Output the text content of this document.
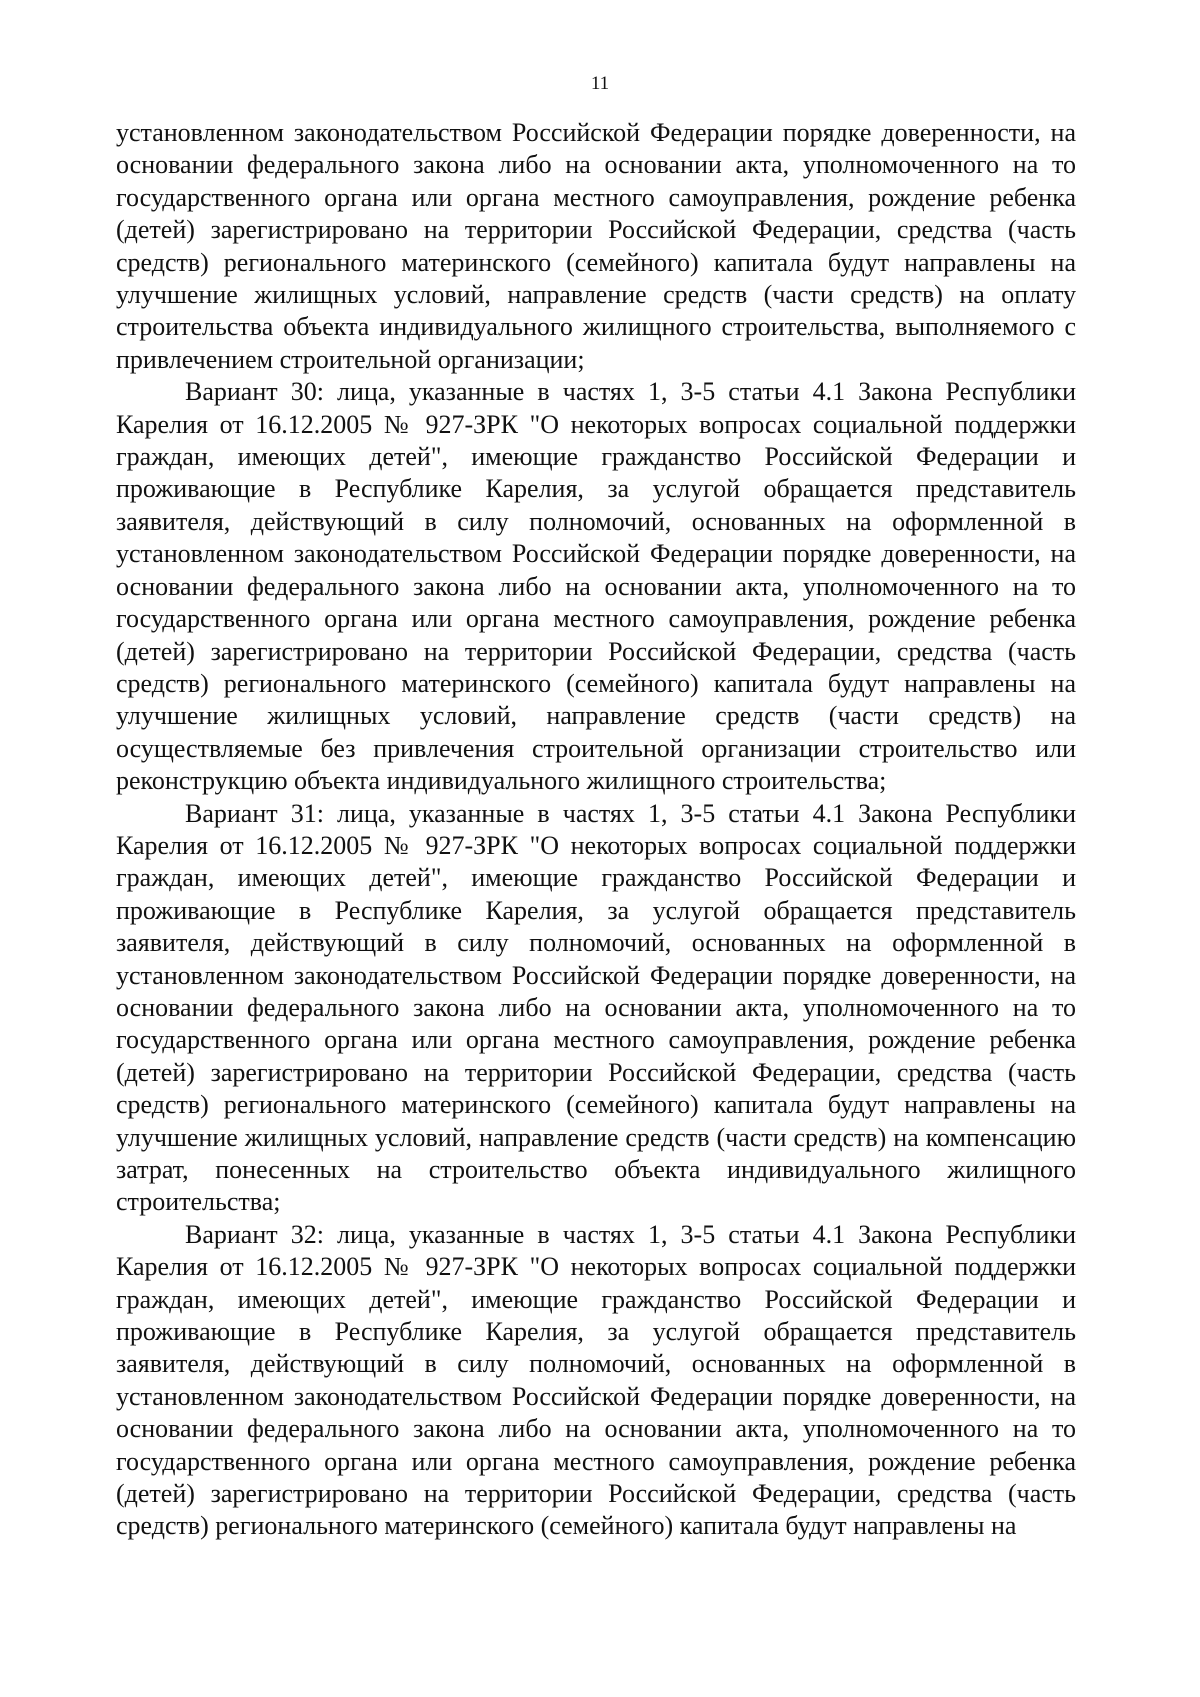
11

установленном законодательством Российской Федерации порядке доверенности, на основании федерального закона либо на основании акта, уполномоченного на то государственного органа или органа местного самоуправления, рождение ребенка (детей) зарегистрировано на территории Российской Федерации, средства (часть средств) регионального материнского (семейного) капитала будут направлены на улучшение жилищных условий, направление средств (части средств) на оплату строительства объекта индивидуального жилищного строительства, выполняемого с привлечением строительной организации;

Вариант 30: лица, указанные в частях 1, 3-5 статьи 4.1 Закона Республики Карелия от 16.12.2005 № 927-ЗРК "О некоторых вопросах социальной поддержки граждан, имеющих детей", имеющие гражданство Российской Федерации и проживающие в Республике Карелия, за услугой обращается представитель заявителя, действующий в силу полномочий, основанных на оформленной в установленном законодательством Российской Федерации порядке доверенности, на основании федерального закона либо на основании акта, уполномоченного на то государственного органа или органа местного самоуправления, рождение ребенка (детей) зарегистрировано на территории Российской Федерации, средства (часть средств) регионального материнского (семейного) капитала будут направлены на улучшение жилищных условий, направление средств (части средств) на осуществляемые без привлечения строительной организации строительство или реконструкцию объекта индивидуального жилищного строительства;

Вариант 31: лица, указанные в частях 1, 3-5 статьи 4.1 Закона Республики Карелия от 16.12.2005 № 927-ЗРК "О некоторых вопросах социальной поддержки граждан, имеющих детей", имеющие гражданство Российской Федерации и проживающие в Республике Карелия, за услугой обращается представитель заявителя, действующий в силу полномочий, основанных на оформленной в установленном законодательством Российской Федерации порядке доверенности, на основании федерального закона либо на основании акта, уполномоченного на то государственного органа или органа местного самоуправления, рождение ребенка (детей) зарегистрировано на территории Российской Федерации, средства (часть средств) регионального материнского (семейного) капитала будут направлены на улучшение жилищных условий, направление средств (части средств) на компенсацию затрат, понесенных на строительство объекта индивидуального жилищного строительства;

Вариант 32: лица, указанные в частях 1, 3-5 статьи 4.1 Закона Республики Карелия от 16.12.2005 № 927-ЗРК "О некоторых вопросах социальной поддержки граждан, имеющих детей", имеющие гражданство Российской Федерации и проживающие в Республике Карелия, за услугой обращается представитель заявителя, действующий в силу полномочий, основанных на оформленной в установленном законодательством Российской Федерации порядке доверенности, на основании федерального закона либо на основании акта, уполномоченного на то государственного органа или органа местного самоуправления, рождение ребенка (детей) зарегистрировано на территории Российской Федерации, средства (часть средств) регионального материнского (семейного) капитала будут направлены на
